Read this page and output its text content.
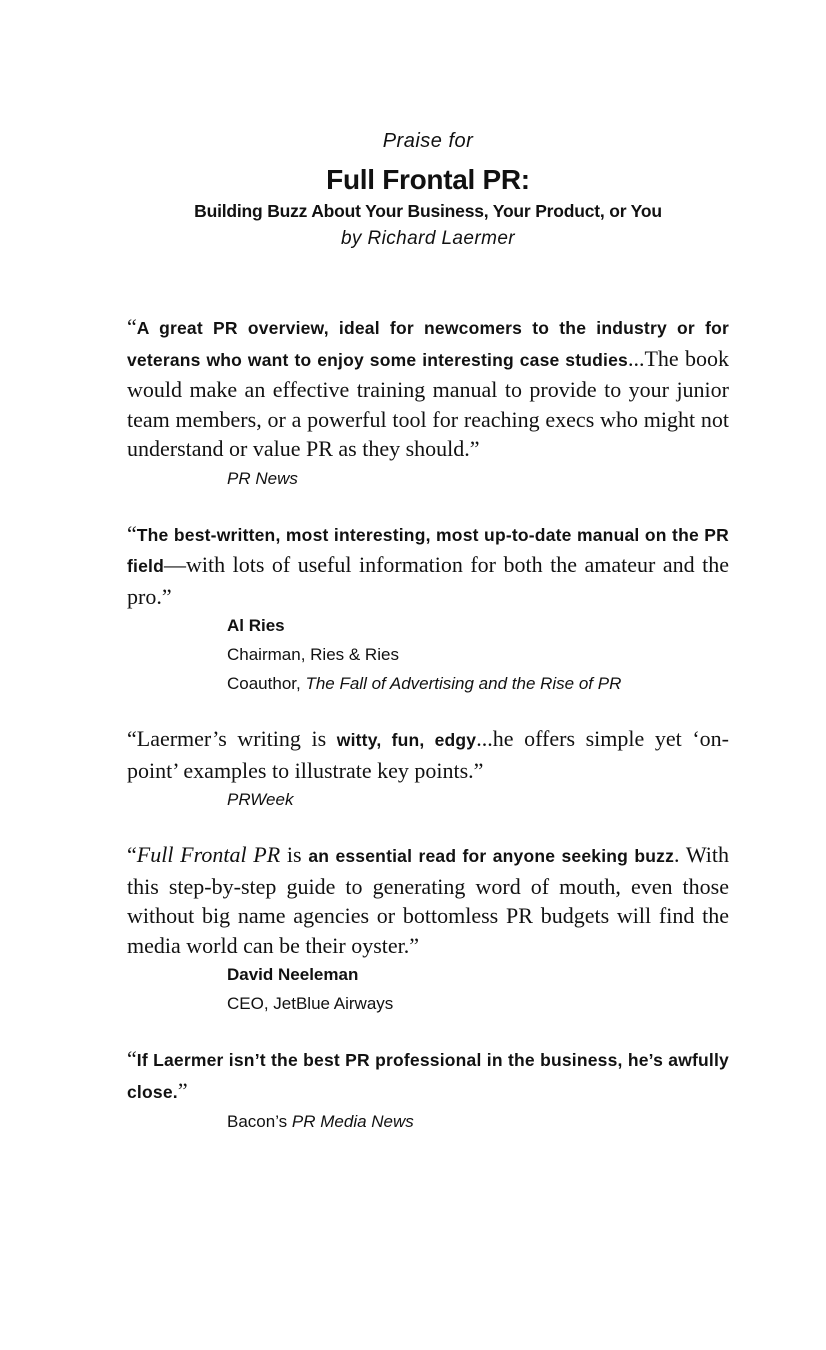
Praise for

Full Frontal PR:

Building Buzz About Your Business, Your Product, or You

by Richard Laermer

“A great PR overview, ideal for newcomers to the industry or for veterans who want to enjoy some interesting case studies...The book would make an effective training manual to provide to your junior team members, or a powerful tool for reaching execs who might not understand or value PR as they should.”

PR News

“The best-written, most interesting, most up-to-date manual on the PR field—with lots of useful information for both the amateur and the pro.”

Al Ries
Chairman, Ries & Ries
Coauthor, The Fall of Advertising and the Rise of PR

“Laermer’s writing is witty, fun, edgy...he offers simple yet ‘on-point’ examples to illustrate key points.”

PRWeek

“Full Frontal PR is an essential read for anyone seeking buzz. With this step-by-step guide to generating word of mouth, even those without big name agencies or bottomless PR budgets will find the media world can be their oyster.”

David Neeleman
CEO, JetBlue Airways

“If Laermer isn’t the best PR professional in the business, he’s awfully close.”

Bacon’s PR Media News
